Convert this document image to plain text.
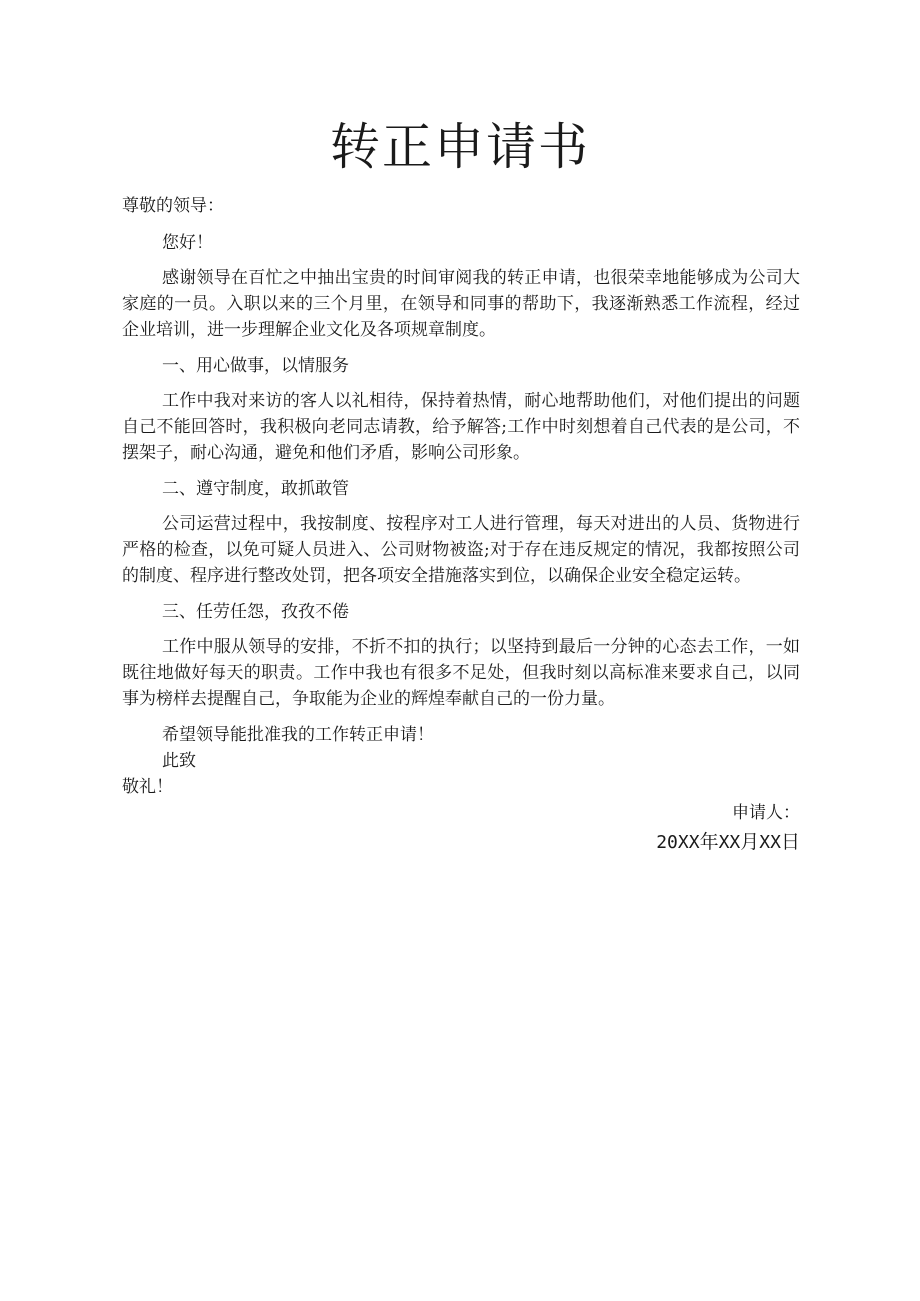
转正申请书

尊敬的领导：

您好！

感谢领导在百忙之中抽出宝贵的时间审阅我的转正申请，也很荣幸地能够成为公司大家庭的一员。入职以来的三个月里，在领导和同事的帮助下，我逐渐熟悉工作流程，经过企业培训，进一步理解企业文化及各项规章制度。

一、用心做事，以情服务

工作中我对来访的客人以礼相待，保持着热情，耐心地帮助他们，对他们提出的问题自己不能回答时，我积极向老同志请教，给予解答;工作中时刻想着自己代表的是公司，不摆架子，耐心沟通，避免和他们矛盾，影响公司形象。

二、遵守制度，敢抓敢管

公司运营过程中，我按制度、按程序对工人进行管理，每天对进出的人员、货物进行严格的检查，以免可疑人员进入、公司财物被盗;对于存在违反规定的情况，我都按照公司的制度、程序进行整改处罚，把各项安全措施落实到位，以确保企业安全稳定运转。

三、任劳任怨，孜孜不倦

工作中服从领导的安排，不折不扣的执行；以坚持到最后一分钟的心态去工作，一如既往地做好每天的职责。工作中我也有很多不足处，但我时刻以高标准来要求自己，以同事为榜样去提醒自己，争取能为企业的辉煌奉献自己的一份力量。

希望领导能批准我的工作转正申请！

此致

敬礼！

申请人：

20XX年XX月XX日
